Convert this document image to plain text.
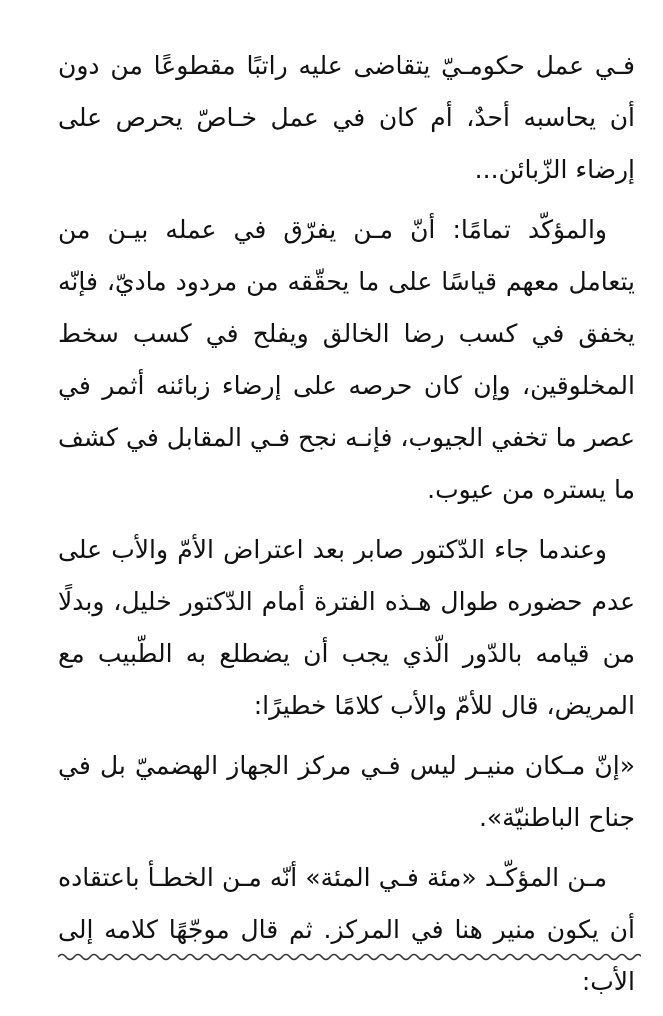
فـي عمل حكومـيّ يتقاضى عليه راتبًا مقطوعًا من دون أن يحاسبه أحدٌ، أم كان في عمل خـاصّ يحرص على إرضاء الزّبائن...

والمؤكّد تمامًا: أنّ مـن يفرّق في عمله بيـن من يتعامل معهم قياسًا على ما يحقّقه من مردود ماديّ، فإنّه يخفق في كسب رضا الخالق ويفلح في كسب سخط المخلوقين، وإن كان حرصه على إرضاء زبائنه أثمر في عصر ما تخفي الجيوب، فإنـه نجح فـي المقابل في كشف ما يستره من عيوب.

وعندما جاء الدّكتور صابر بعد اعتراض الأمّ والأب على عدم حضوره طوال هـذه الفترة أمام الدّكتور خليل، وبدلًا من قيامه بالدّور الّذي يجب أن يضطلع به الطّبيب مع المريض، قال للأمّ والأب كلامًا خطيرًا:

«إنّ مـكان منيـر ليس فـي مركز الجهاز الهضميّ بل في جناح الباطنيّة».

مـن المؤكّـد «مئة فـي المئة» أنّه مـن الخطـأ باعتقاده أن يكون منير هنا في المركز. ثم قال موجّهًا كلامه إلى الأب:
